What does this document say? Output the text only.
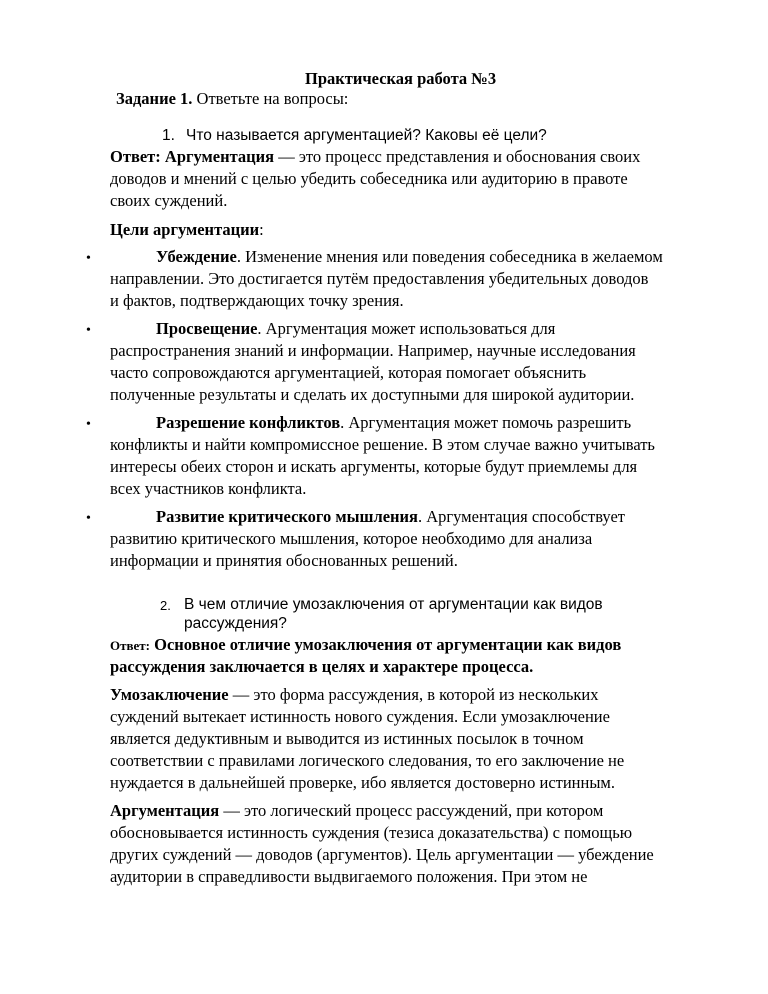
Практическая работа №3
Задание 1. Ответьте на вопросы:
1. Что называется аргументацией? Каковы её цели?
Ответ: Аргументация — это процесс представления и обоснования своих
доводов и мнений с целью убедить собеседника или аудиторию в правоте
своих суждений.
Цели аргументации:
•	Убеждение. Изменение мнения или поведения собеседника в желаемом
направлении. Это достигается путём предоставления убедительных доводов
и фактов, подтверждающих точку зрения.
•	Просвещение. Аргументация может использоваться для
распространения знаний и информации. Например, научные исследования
часто сопровождаются аргументацией, которая помогает объяснить
полученные результаты и сделать их доступными для широкой аудитории.
•	Разрешение конфликтов. Аргументация может помочь разрешить
конфликты и найти компромиссное решение. В этом случае важно учитывать
интересы обеих сторон и искать аргументы, которые будут приемлемы для
всех участников конфликта.
•	Развитие критического мышления. Аргументация способствует
развитию критического мышления, которое необходимо для анализа
информации и принятия обоснованных решений.
2. В чем отличие умозаключения от аргументации как видов
рассуждения?
Ответ: Основное отличие умозаключения от аргументации как видов
рассуждения заключается в целях и характере процесса.
Умозаключение — это форма рассуждения, в которой из нескольких
суждений вытекает истинность нового суждения. Если умозаключение
является дедуктивным и выводится из истинных посылок в точном
соответствии с правилами логического следования, то его заключение не
нуждается в дальнейшей проверке, ибо является достоверно истинным.
Аргументация — это логический процесс рассуждений, при котором
обосновывается истинность суждения (тезиса доказательства) с помощью
других суждений — доводов (аргументов). Цель аргументации — убеждение
аудитории в справедливости выдвигаемого положения. При этом не
